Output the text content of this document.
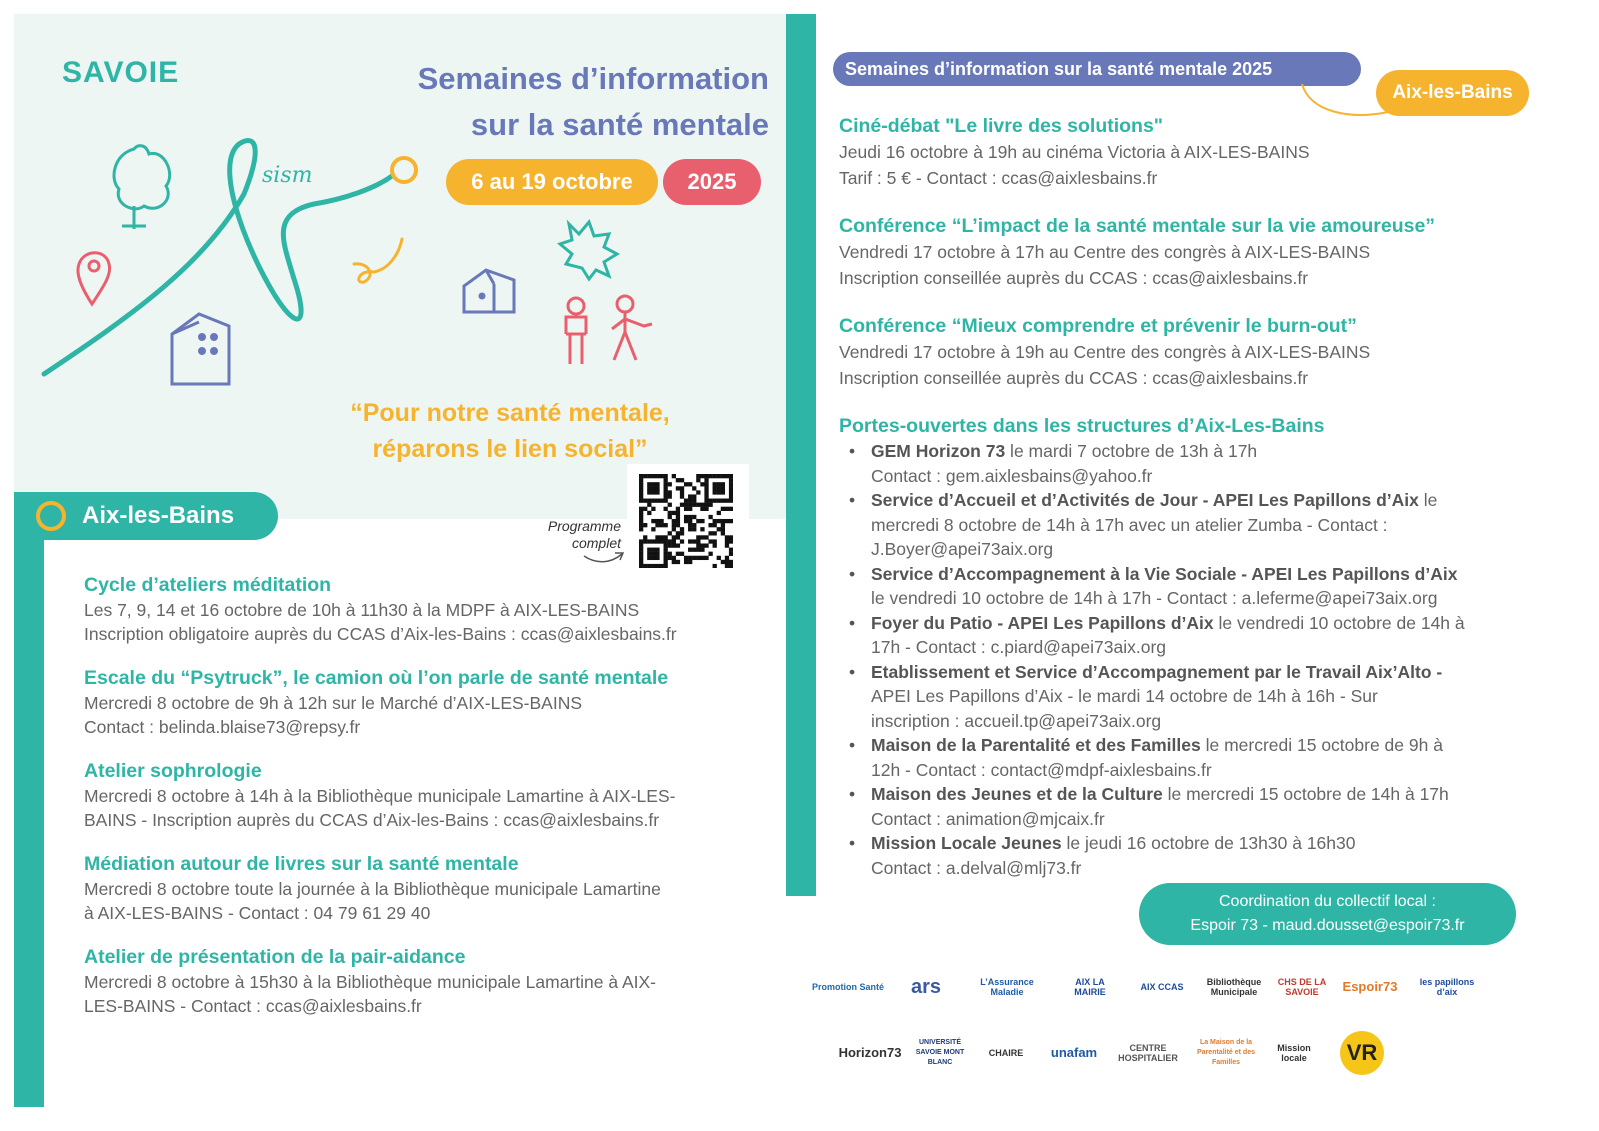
SAVOIE	Semaines d’information
sur la santé mentale
sism	6 au 19 octobre	2025
“Pour notre santé mentale,
réparons le lien social”
Aix-les-Bains	Programme complet
Cycle d’ateliers méditation

Les 7, 9, 14 et 16 octobre de 10h à 11h30 à la MDPF à AIX-LES-BAINS
Inscription obligatoire auprès du CCAS d’Aix-les-Bains : ccas@aixlesbains.fr

Escale du “Psytruck”, le camion où l’on parle de santé mentale

Mercredi 8 octobre de 9h à 12h sur le Marché d’AIX-LES-BAINS
Contact : belinda.blaise73@repsy.fr

Atelier sophrologie

Mercredi 8 octobre à 14h à la Bibliothèque municipale Lamartine à AIX-LES-
BAINS - Inscription auprès du CCAS d’Aix-les-Bains : ccas@aixlesbains.fr

Médiation autour de livres sur la santé mentale

Mercredi 8 octobre toute la journée à la Bibliothèque municipale Lamartine
à AIX-LES-BAINS - Contact : 04 79 61 29 40

Atelier de présentation de la pair-aidance

Mercredi 8 octobre à 15h30 à la Bibliothèque municipale Lamartine à AIX-
LES-BAINS - Contact : ccas@aixlesbains.fr

Semaines d’information sur la santé mentale 2025
Aix-les-Bains
Ciné-débat "Le livre des solutions"

Jeudi 16 octobre à 19h au cinéma Victoria à AIX-LES-BAINS
Tarif : 5 € - Contact : ccas@aixlesbains.fr

Conférence “L’impact de la santé mentale sur la vie amoureuse”

Vendredi 17 octobre à 17h au Centre des congrès à AIX-LES-BAINS
Inscription conseillée auprès du CCAS : ccas@aixlesbains.fr

Conférence “Mieux comprendre et prévenir le burn-out”

Vendredi 17 octobre à 19h au Centre des congrès à AIX-LES-BAINS
Inscription conseillée auprès du CCAS : ccas@aixlesbains.fr

Portes-ouvertes dans les structures d’Aix-Les-Bains
• GEM Horizon 73 le mardi 7 octobre de 13h à 17h
Contact : gem.aixlesbains@yahoo.fr
• Service d’Accueil et d’Activités de Jour - APEI Les Papillons d’Aix le
mercredi 8 octobre de 14h à 17h avec un atelier Zumba - Contact :
J.Boyer@apei73aix.org
• Service d’Accompagnement à la Vie Sociale - APEI Les Papillons d’Aix
le vendredi 10 octobre de 14h à 17h - Contact : a.leferme@apei73aix.org
• Foyer du Patio - APEI Les Papillons d’Aix le vendredi 10 octobre de 14h à
17h - Contact : c.piard@apei73aix.org
• Etablissement et Service d’Accompagnement par le Travail Aix’Alto -
APEI Les Papillons d’Aix - le mardi 14 octobre de 14h à 16h - Sur
inscription : accueil.tp@apei73aix.org
• Maison de la Parentalité et des Familles le mercredi 15 octobre de 9h à
12h - Contact : contact@mdpf-aixlesbains.fr
• Maison des Jeunes et de la Culture le mercredi 15 octobre de 14h à 17h
Contact : animation@mjcaix.fr
• Mission Locale Jeunes le jeudi 16 octobre de 13h30 à 16h30
Contact : a.delval@mlj73.fr
Coordination du collectif local :
Espoir 73 - maud.dousset@espoir73.fr
Promotion Santé ars	L’Assurance Maladie
AIX LA MAIRIE	AIX CCAS	Bibliothèque Municipale
CHS DE LA SAVOIE	Espoir73	les papillons d’aix
Horizon73
UNIVERSITÉ SAVOIE MONT BLANC
CHAIRE unafam	CENTRE HOSPITALIER
La Maison de la Parentalité et des Familles
Mission locale	VR
